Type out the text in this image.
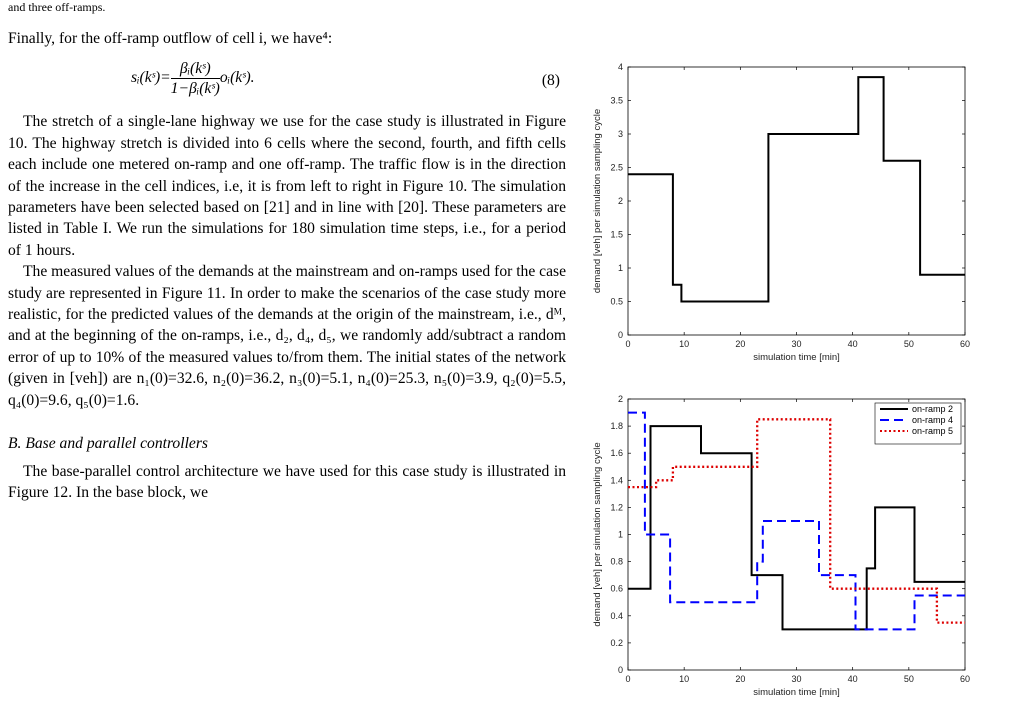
and three off-ramps.

Finally, for the off-ramp outflow of cell i, we have⁴:

sᵢ(kˢ)= $\frac{\text{βᵢ(kˢ)}}{\text{1−βᵢ(kˢ)}}$ oᵢ(kˢ).	(8)

The stretch of a single-lane highway we use for the case study is illustrated in Figure 10. The highway stretch is divided into 6 cells where the second, fourth, and fifth cells each include one metered on-ramp and one off-ramp. The traffic flow is in the direction of the increase in the cell indices, i.e, it is from left to right in Figure 10. The simulation parameters have been selected based on [21] and in line with [20]. These parameters are listed in Table I. We run the simulations for 180 simulation time steps, i.e., for a period of 1 hours.

The measured values of the demands at the mainstream and on-ramps used for the case study are represented in Figure 11. In order to make the scenarios of the case study more realistic, for the predicted values of the demands at the origin of the mainstream, i.e., dᴹ, and at the beginning of the on-ramps, i.e., d₂, d₄, d₅, we randomly add/subtract a random error of up to 10% of the measured values to/from them. The initial states of the network (given in [veh]) are n₁(0)=32.6, n₂(0)=36.2, n₃(0)=5.1, n₄(0)=25.3, n₅(0)=3.9, q₂(0)=5.5, q₄(0)=9.6, q₅(0)=1.6.

B. Base and parallel controllers

The base-parallel control architecture we have used for this case study is illustrated in Figure 12. In the base block, we

0	10	20	30	40	50	60
0
0.5
1
1.5
2
2.5
3
3.5
4
simulation time [min]
demand [veh] per simulation sampling cycle
0	10	20	30	40	50	60
0
0.2
0.4
0.6
0.8
1
1.2
1.4
1.6
1.8
2
simulation time [min]
demand [veh] per simulation sampling cycle
on-ramp 2
on-ramp 4
on-ramp 5
